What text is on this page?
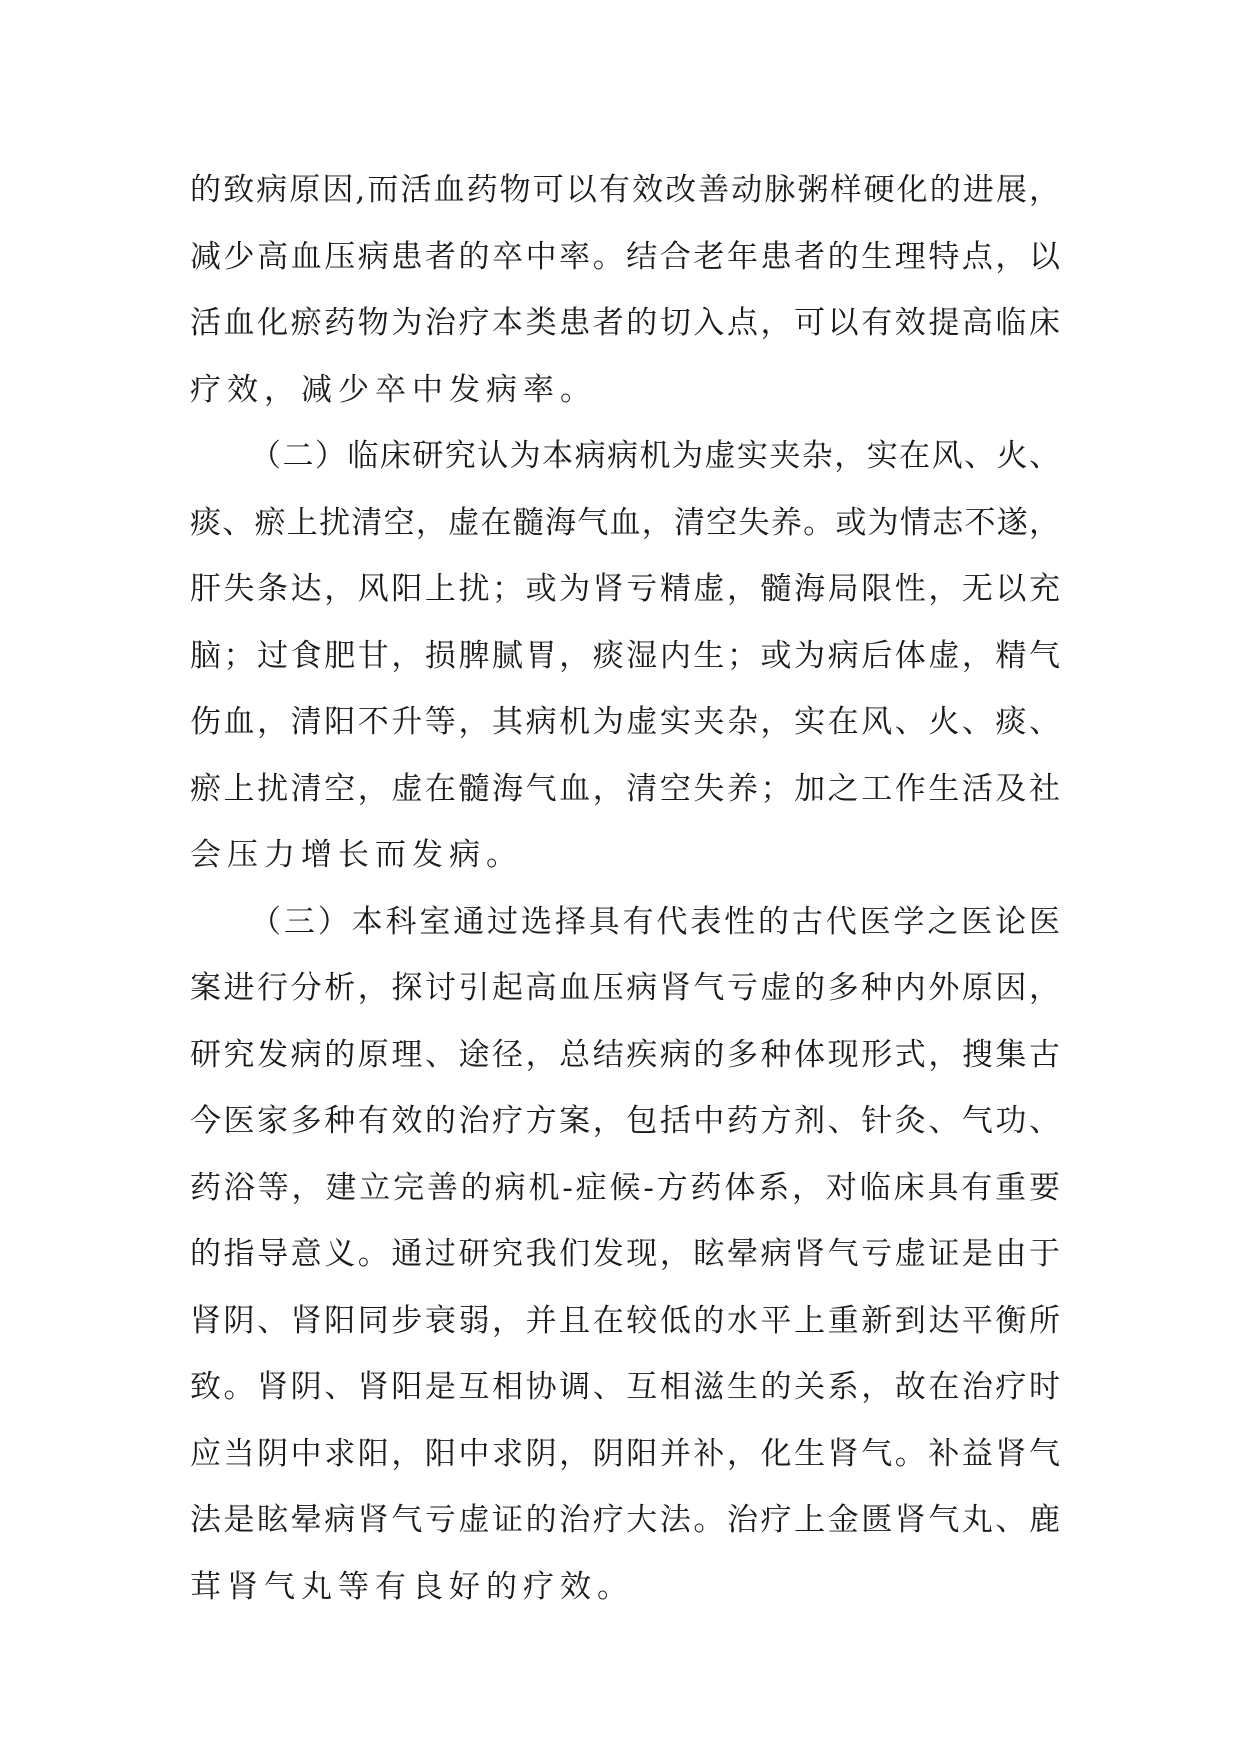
的致病原因,而活血药物可以有效改善动脉粥样硬化的进展，
减少高血压病患者的卒中率。结合老年患者的生理特点，以
活血化瘀药物为治疗本类患者的切入点，可以有效提高临床
疗效，减少卒中发病率。
（二）临床研究认为本病病机为虚实夹杂，实在风、火、
痰、瘀上扰清空，虚在髓海气血，清空失养。或为情志不遂，
肝失条达，风阳上扰；或为肾亏精虚，髓海局限性，无以充
脑；过食肥甘，损脾腻胃，痰湿内生；或为病后体虚，精气
伤血，清阳不升等，其病机为虚实夹杂，实在风、火、痰、
瘀上扰清空，虚在髓海气血，清空失养；加之工作生活及社
会压力增长而发病。
（三）本科室通过选择具有代表性的古代医学之医论医
案进行分析，探讨引起高血压病肾气亏虚的多种内外原因，
研究发病的原理、途径，总结疾病的多种体现形式，搜集古
今医家多种有效的治疗方案，包括中药方剂、针灸、气功、
药浴等，建立完善的病机-症候-方药体系，对临床具有重要
的指导意义。通过研究我们发现，眩晕病肾气亏虚证是由于
肾阴、肾阳同步衰弱，并且在较低的水平上重新到达平衡所
致。肾阴、肾阳是互相协调、互相滋生的关系，故在治疗时
应当阴中求阳，阳中求阴，阴阳并补，化生肾气。补益肾气
法是眩晕病肾气亏虚证的治疗大法。治疗上金匮肾气丸、鹿
茸肾气丸等有良好的疗效。
